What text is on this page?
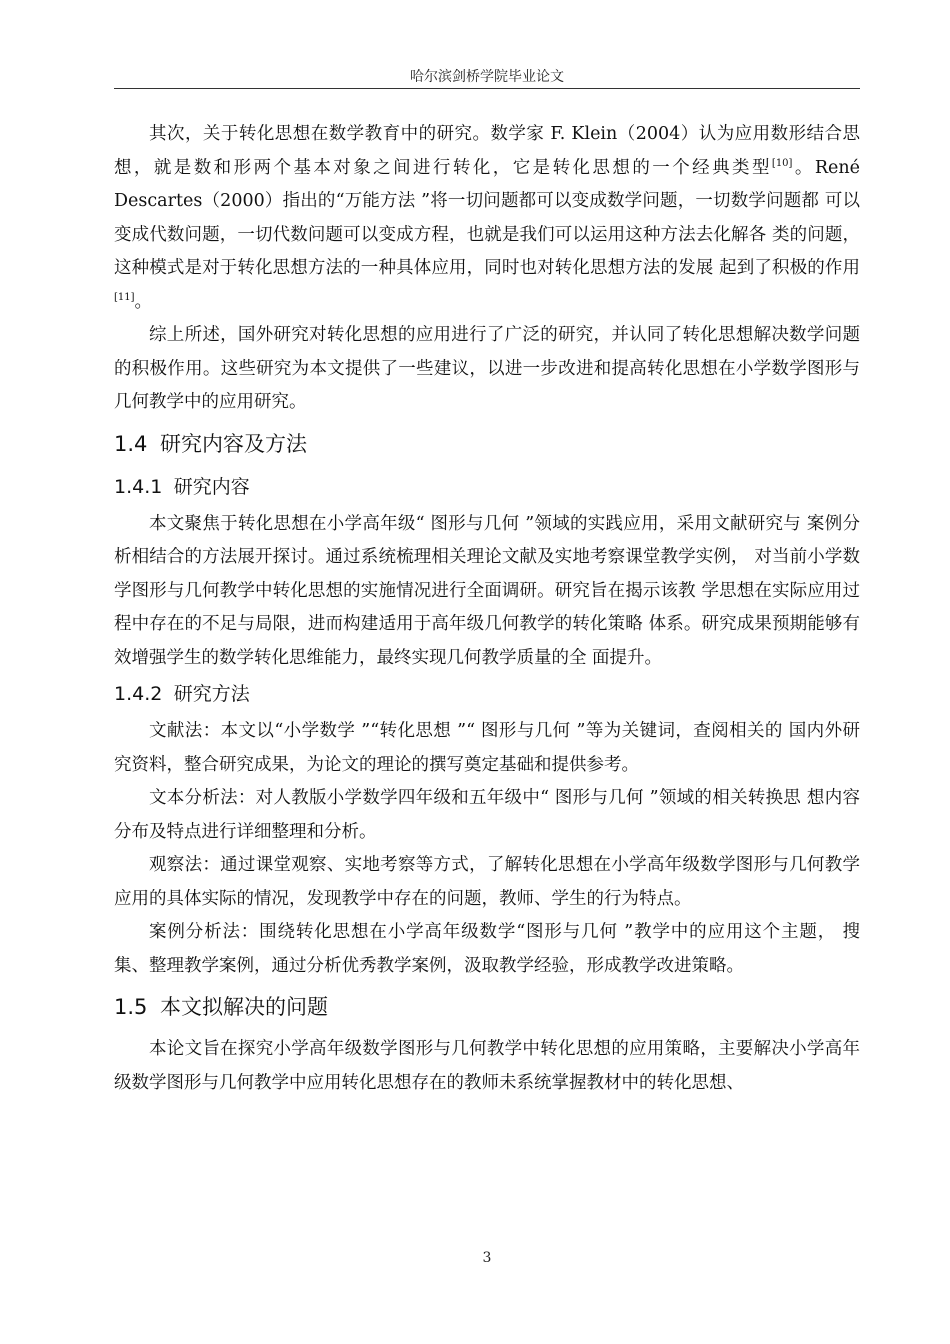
哈尔滨剑桥学院毕业论文

其次，关于转化思想在数学教育中的研究。数学家 F. Klein（2004）认为应用数形结合思想，就是数和形两个基本对象之间进行转化，它是转化思想的一个经典类型[10]。René Descartes（2000）指出的“万能方法 ”将一切问题都可以变成数学问题，一切数学问题都 可以变成代数问题，一切代数问题可以变成方程，也就是我们可以运用这种方法去化解各 类的问题，这种模式是对于转化思想方法的一种具体应用，同时也对转化思想方法的发展 起到了积极的作用[11]。

综上所述，国外研究对转化思想的应用进行了广泛的研究，并认同了转化思想解决数学问题的积极作用。这些研究为本文提供了一些建议，以进一步改进和提高转化思想在小学数学图形与几何教学中的应用研究。

1.4 研究内容及方法
1.4.1 研究内容

本文聚焦于转化思想在小学高年级“ 图形与几何 ”领域的实践应用，采用文献研究与 案例分析相结合的方法展开探讨。通过系统梳理相关理论文献及实地考察课堂教学实例， 对当前小学数学图形与几何教学中转化思想的实施情况进行全面调研。研究旨在揭示该教 学思想在实际应用过程中存在的不足与局限，进而构建适用于高年级几何教学的转化策略 体系。研究成果预期能够有效增强学生的数学转化思维能力，最终实现几何教学质量的全 面提升。

1.4.2 研究方法

文献法：本文以“小学数学 ”“转化思想 ”“ 图形与几何 ”等为关键词，查阅相关的 国内外研究资料，整合研究成果，为论文的理论的撰写奠定基础和提供参考。

文本分析法：对人教版小学数学四年级和五年级中“ 图形与几何 ”领域的相关转换思 想内容分布及特点进行详细整理和分析。

观察法：通过课堂观察、实地考察等方式，了解转化思想在小学高年级数学图形与几何教学应用的具体实际的情况，发现教学中存在的问题，教师、学生的行为特点。

案例分析法：围绕转化思想在小学高年级数学“图形与几何 ”教学中的应用这个主题， 搜集、整理教学案例，通过分析优秀教学案例，汲取教学经验，形成教学改进策略。

1.5 本文拟解决的问题

本论文旨在探究小学高年级数学图形与几何教学中转化思想的应用策略，主要解决小学高年级数学图形与几何教学中应用转化思想存在的教师未系统掌握教材中的转化思想、

3
